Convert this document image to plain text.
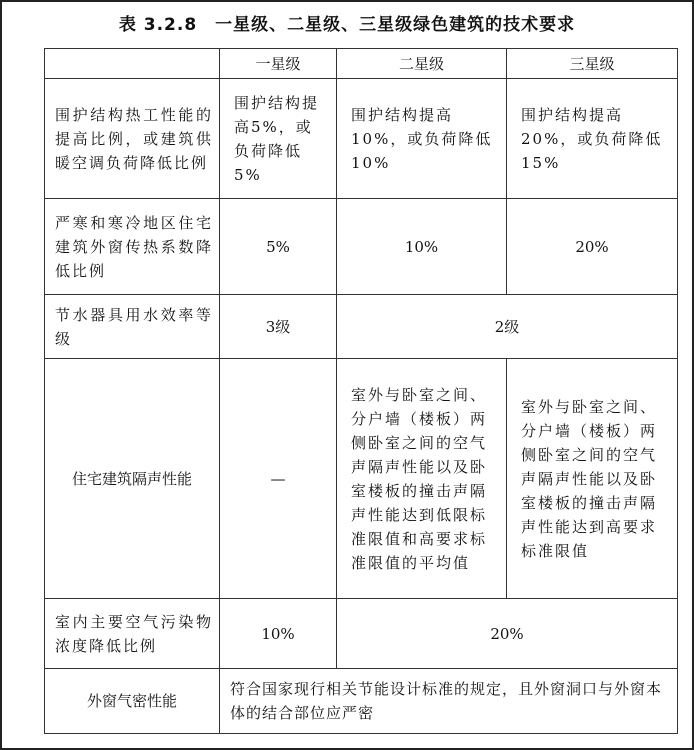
表 3.2.8　一星级、二星级、三星级绿色建筑的技术要求
	一星级	二星级	三星级
围护结构热工性能的提高比例，或建筑供暖空调负荷降低比例	围护结构提高5%，或负荷降低5%	围护结构提高10%，或负荷降低10%	围护结构提高20%，或负荷降低15%
严寒和寒冷地区住宅建筑外窗传热系数降低比例	5%	10%	20%
节水器具用水效率等级	3级	2级	
住宅建筑隔声性能	—	室外与卧室之间、分户墙（楼板）两侧卧室之间的空气声隔声性能以及卧室楼板的撞击声隔声性能达到低限标准限值和高要求标准限值的平均值	室外与卧室之间、分户墙（楼板）两侧卧室之间的空气声隔声性能以及卧室楼板的撞击声隔声性能达到高要求标准限值
室内主要空气污染物浓度降低比例	10%	20%	
外窗气密性能	符合国家现行相关节能设计标准的规定，且外窗洞口与外窗本体的结合部位应严密		
